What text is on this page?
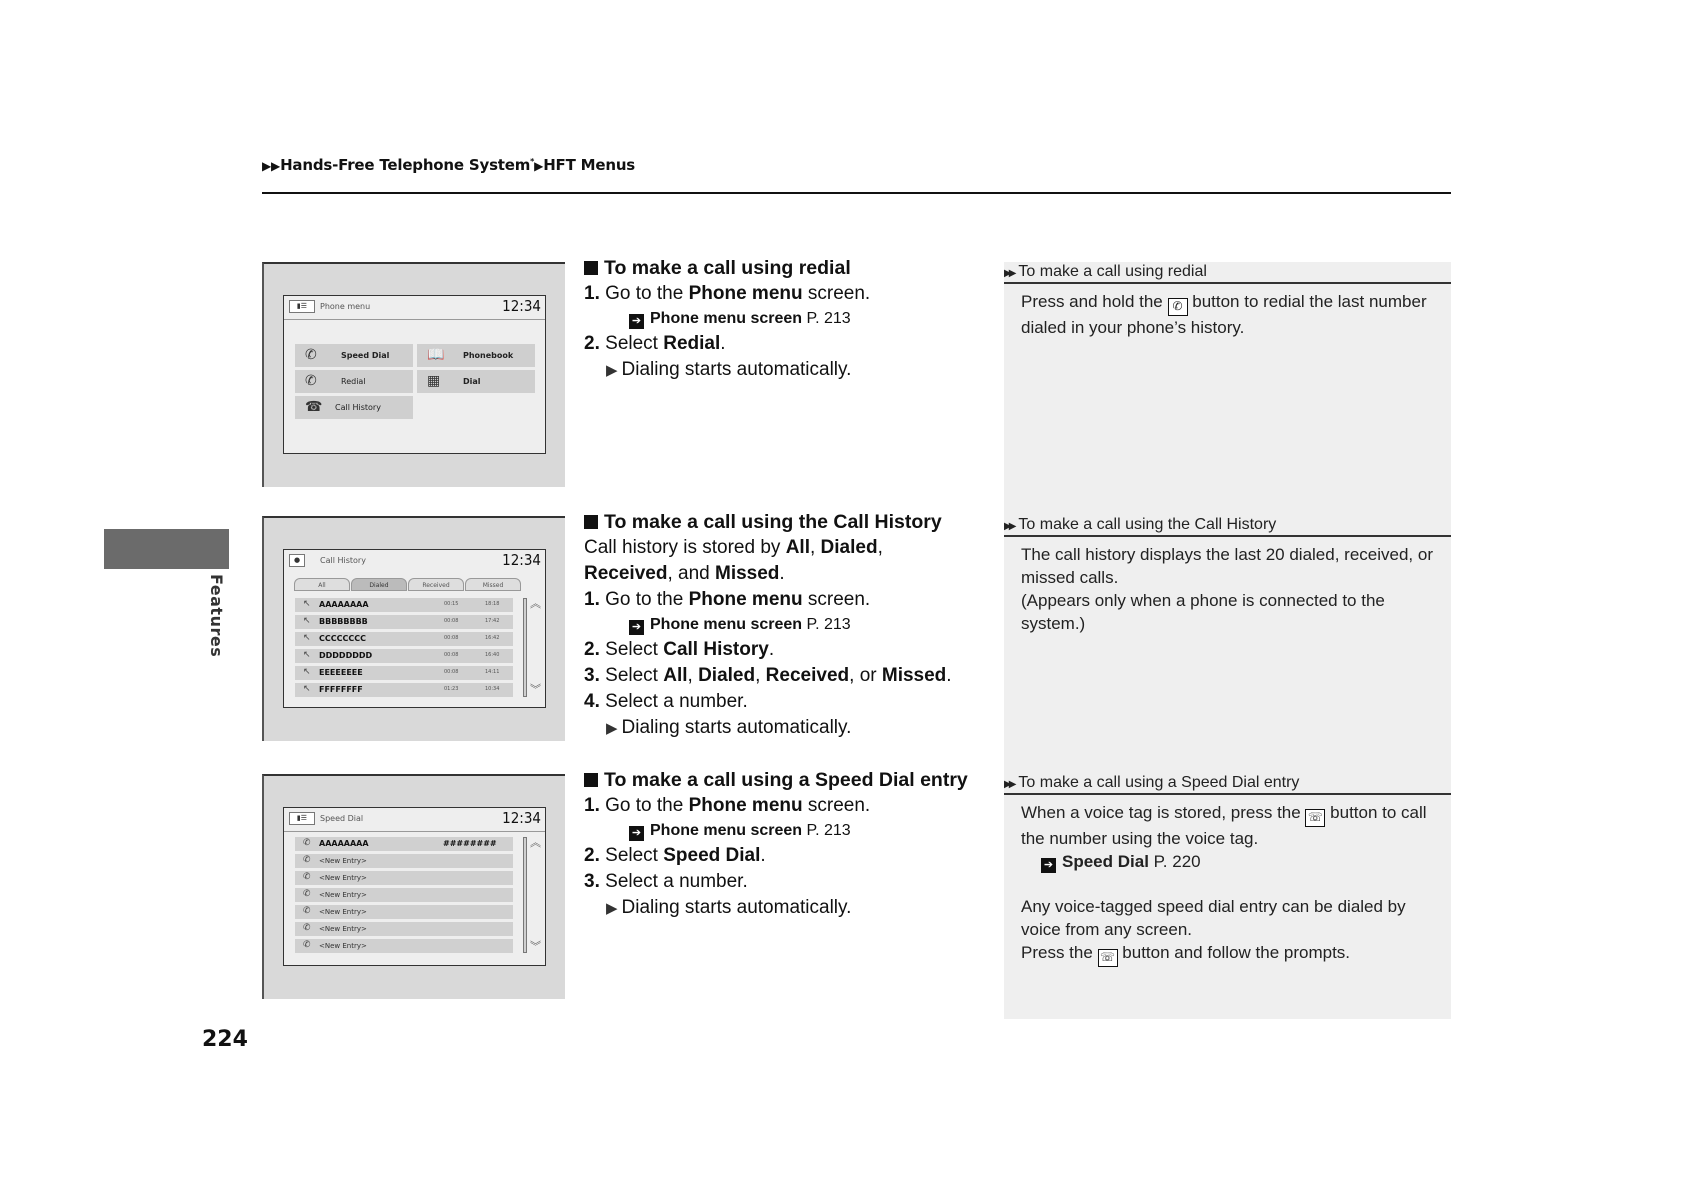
▶▶Hands-Free Telephone System*▶HFT Menus
Features
224
▮☰	Phone menu	12:34
✆	Speed Dial	📖 Phonebook
✆	Redial	▦	Dial
☎ Call History
●	Call History	12:34
All	Dialed	Received	Missed
↖ AAAAAAAA	00:15	18:18
↖ BBBBBBBB	00:08	17:42
↖ CCCCCCCC	00:08	16:42
↖ DDDDDDDD	00:08	16:40
↖ EEEEEEEE	00:08	14:11
↖ FFFFFFFF	01:23	10:34
︽
︾
▮☰	Speed Dial	12:34
✆ AAAAAAAA	########
✆ <New Entry>
✆ <New Entry>
✆ <New Entry>
✆ <New Entry>
✆ <New Entry>
✆ <New Entry>
︽
︾
To make a call using redial
1. Go to the Phone menu screen.
➔ Phone menu screen P. 213
2. Select Redial.
▶ Dialing starts automatically.
To make a call using the Call History
Call history is stored by All, Dialed,
Received, and Missed.
1. Go to the Phone menu screen.
➔ Phone menu screen P. 213
2. Select Call History.
3. Select All, Dialed, Received, or Missed.
4. Select a number.
▶ Dialing starts automatically.
To make a call using a Speed Dial entry
1. Go to the Phone menu screen.
➔ Phone menu screen P. 213
2. Select Speed Dial.
3. Select a number.
▶ Dialing starts automatically.
▶▶ To make a call using redial
Press and hold the ✆ button to redial the last number dialed in your phone’s history.
▶▶ To make a call using the Call History
The call history displays the last 20 dialed, received, or missed calls.
(Appears only when a phone is connected to the system.)
▶▶ To make a call using a Speed Dial entry
When a voice tag is stored, press the ☏ button to call the number using the voice tag.
➔ Speed Dial P. 220
Any voice-tagged speed dial entry can be dialed by voice from any screen.
Press the ☏ button and follow the prompts.
